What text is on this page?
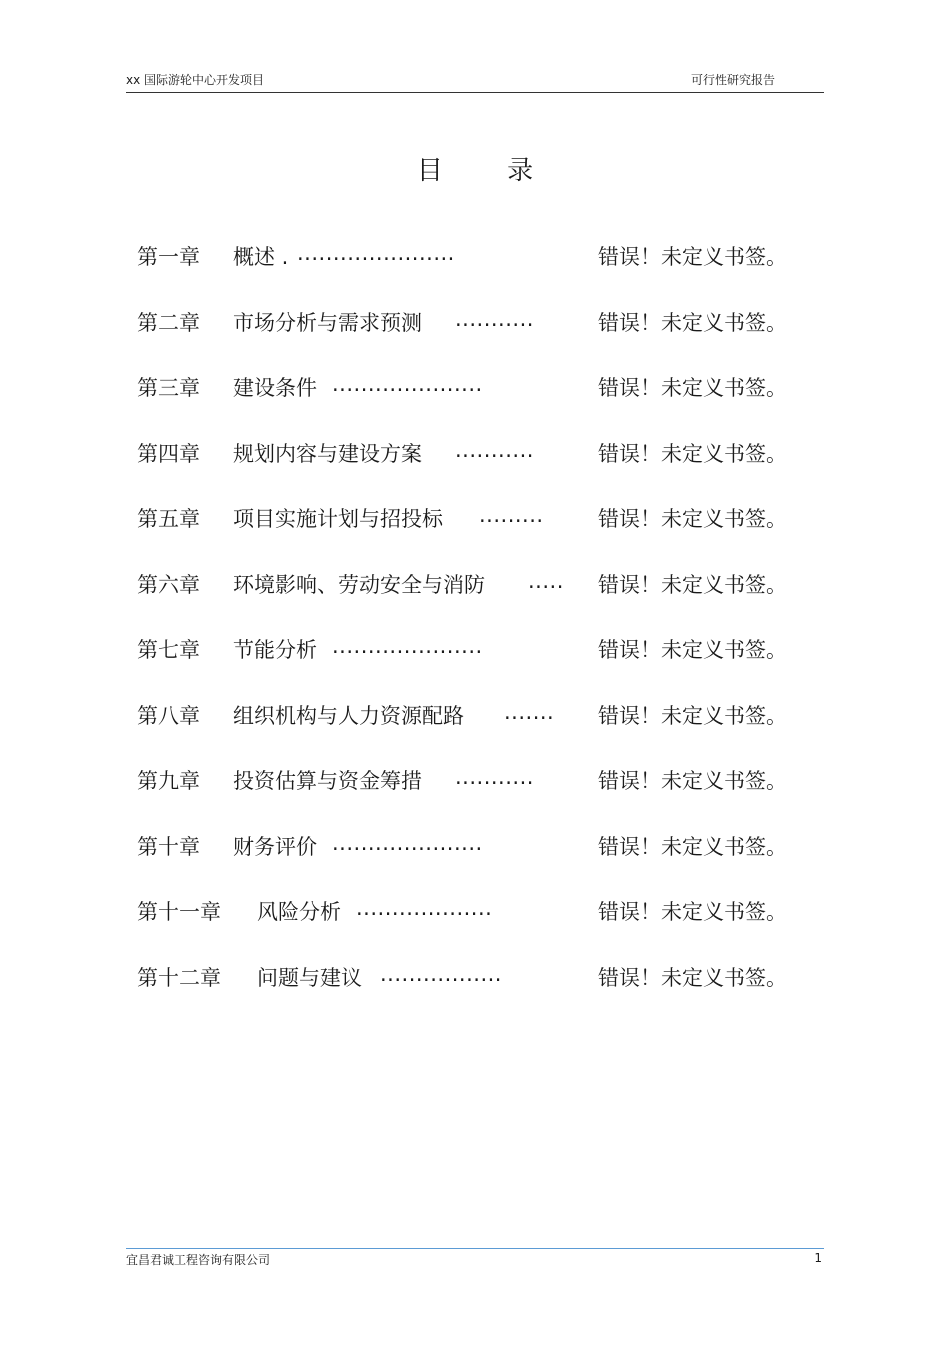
xx 国际游轮中心开发项目	可行性研究报告
目 录
第一章 概述 . ......................	错误！未定义书签。
第二章 市场分析与需求预测 ...........	错误！未定义书签。
第三章 建设条件 .....................	错误！未定义书签。
第四章 规划内容与建设方案 ...........	错误！未定义书签。
第五章 项目实施计划与招投标 .........	错误！未定义书签。
第六章 环境影响、劳动安全与消防 ..... 错误！未定义书签。
第七章 节能分析 .....................	错误！未定义书签。
第八章 组织机构与人力资源配路 ....... 错误！未定义书签。
第九章 投资估算与资金筹措 ...........	错误！未定义书签。
第十章 财务评价 .....................	错误！未定义书签。
第十一章 风险分析 ...................	错误！未定义书签。
第十二章 问题与建议 .................	错误！未定义书签。
宜昌君诚工程咨询有限公司	1
